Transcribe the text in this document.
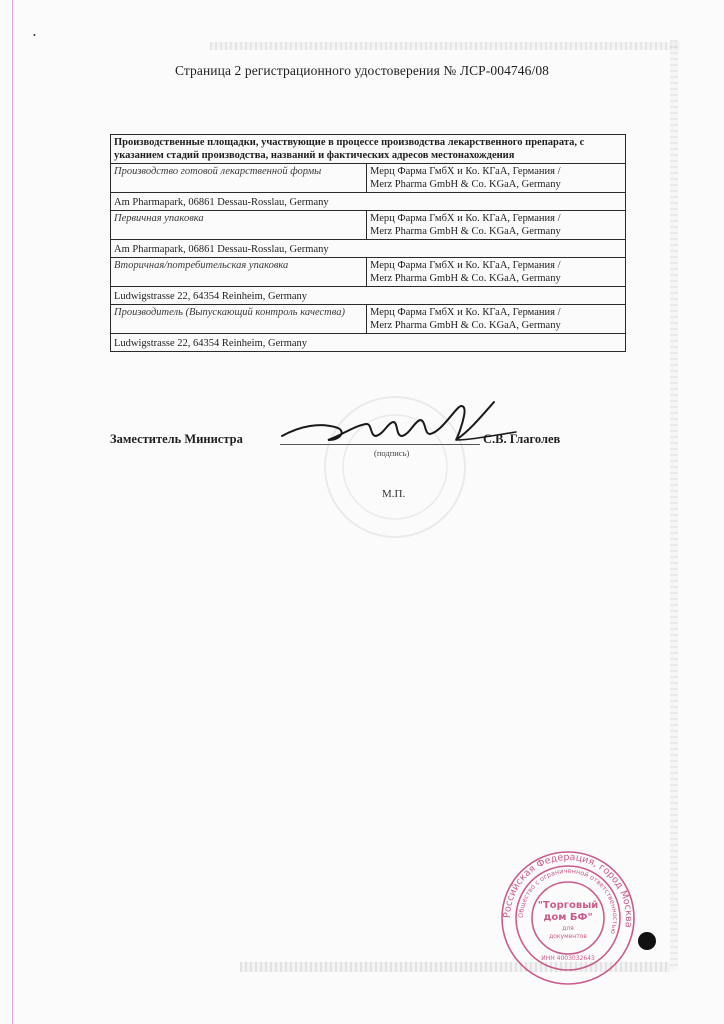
•
Страница 2 регистрационного удостоверения № ЛСР-004746/08
Производственные площадки, участвующие в процессе производства лекарственного препарата, с указанием стадий производства, названий и фактических адресов местонахождения	
Производство готовой лекарственной формы	Мерц Фарма ГмбХ и Ко. КГаА, Германия /
Merz Pharma GmbH & Co. KGaA, Germany

Am Pharmapark, 06861 Dessau-Rosslau, Germany	
Первичная упаковка	Мерц Фарма ГмбХ и Ко. КГаА, Германия /
Merz Pharma GmbH & Co. KGaA, Germany

Am Pharmapark, 06861 Dessau-Rosslau, Germany	
Вторичная/потребительская упаковка	Мерц Фарма ГмбХ и Ко. КГаА, Германия /
Merz Pharma GmbH & Co. KGaA, Germany

Ludwigstrasse 22, 64354 Reinheim, Germany	
Производитель (Выпускающий контроль качества)	Мерц Фарма ГмбХ и Ко. КГаА, Германия /
Merz Pharma GmbH & Co. KGaA, Germany

Ludwigstrasse 22, 64354 Reinheim, Germany	
Заместитель Министра
(подпись)
С.В. Глаголев
М.П.
Российская Федерация, город Москва
Общество с ограниченной ответственностью
"Торговый
дом БФ"
для
документов
ИНН 4003032643
